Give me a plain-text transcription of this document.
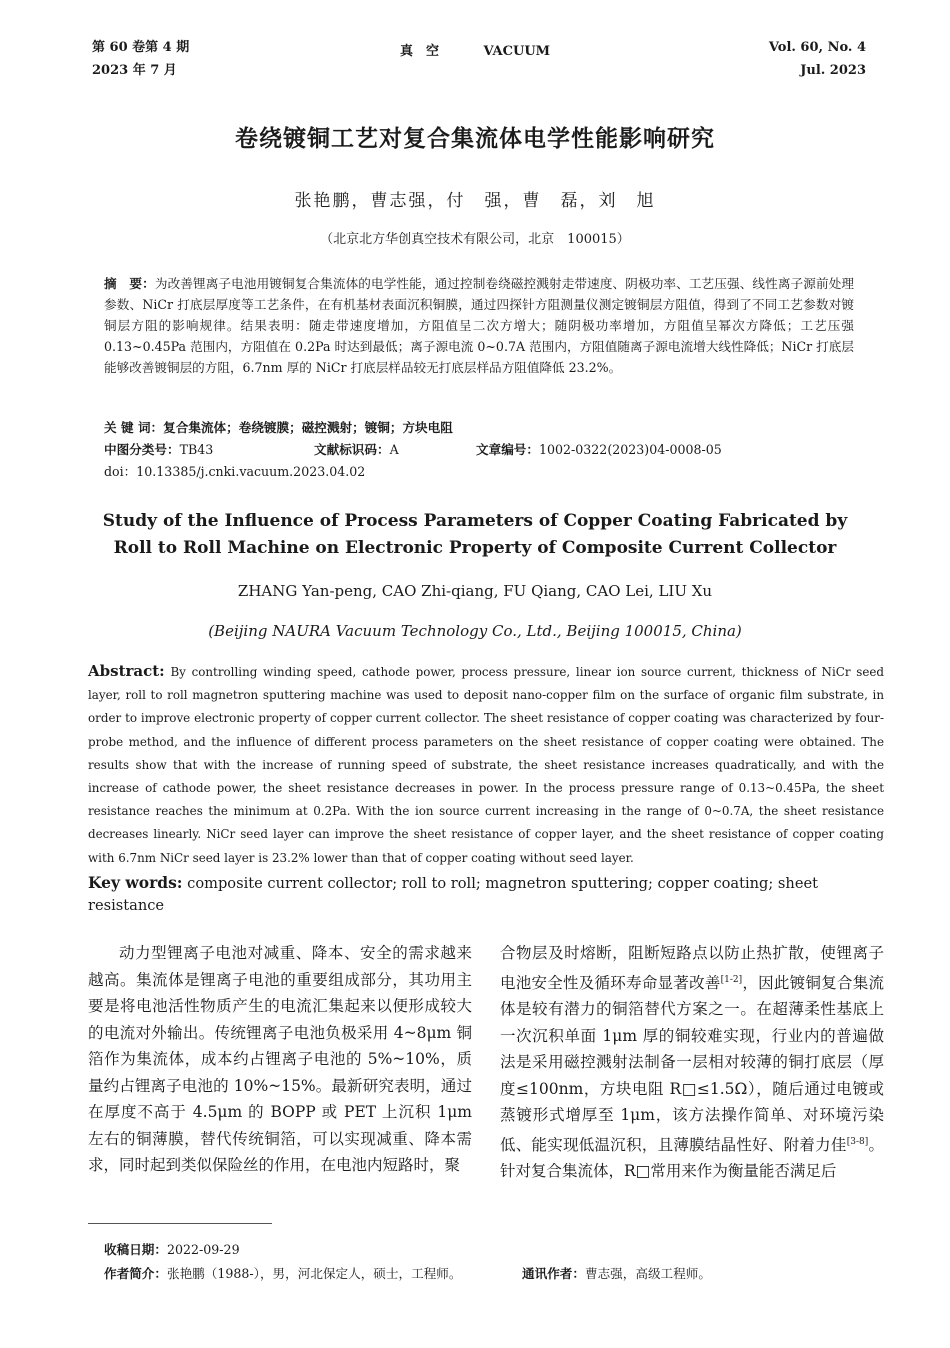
第 60 卷第 4 期
2023 年 7 月
真　空	VACUUM	Vol. 60, No. 4
Jul. 2023
卷绕镀铜工艺对复合集流体电学性能影响研究
张艳鹏，曹志强，付　强，曹　磊，刘　旭
（北京北方华创真空技术有限公司，北京　100015）
摘　要：为改善锂离子电池用镀铜复合集流体的电学性能，通过控制卷绕磁控溅射走带速度、阴极功率、工艺压强、线性离子源前处理参数、NiCr 打底层厚度等工艺条件，在有机基材表面沉积铜膜，通过四探针方阻测量仪测定镀铜层方阻值，得到了不同工艺参数对镀铜层方阻的影响规律。结果表明：随走带速度增加，方阻值呈二次方增大；随阴极功率增加，方阻值呈幂次方降低；工艺压强 0.13~0.45Pa 范围内，方阻值在 0.2Pa 时达到最低；离子源电流 0~0.7A 范围内，方阻值随离子源电流增大线性降低；NiCr 打底层能够改善镀铜层的方阻，6.7nm 厚的 NiCr 打底层样品较无打底层样品方阻值降低 23.2%。
关 键 词：复合集流体；卷绕镀膜；磁控溅射；镀铜；方块电阻
中图分类号：TB43	文献标识码：A	文章编号：1002-0322(2023)04-0008-05
doi：10.13385/j.cnki.vacuum.2023.04.02
Study of the Influence of Process Parameters of Copper Coating Fabricated by
Roll to Roll Machine on Electronic Property of Composite Current Collector
ZHANG Yan-peng, CAO Zhi-qiang, FU Qiang, CAO Lei, LIU Xu
(Beijing NAURA Vacuum Technology Co., Ltd., Beijing 100015, China)
Abstract: By controlling winding speed, cathode power, process pressure, linear ion source current, thickness of NiCr seed layer, roll to roll magnetron sputtering machine was used to deposit nano-copper film on the surface of organic film substrate, in order to improve electronic property of copper current collector. The sheet resistance of copper coating was characterized by four-probe method, and the influence of different process parameters on the sheet resistance of copper coating were obtained. The results show that with the increase of running speed of substrate, the sheet resistance increases quadratically, and with the increase of cathode power, the sheet resistance decreases in power. In the process pressure range of 0.13~0.45Pa, the sheet resistance reaches the minimum at 0.2Pa. With the ion source current increasing in the range of 0~0.7A, the sheet resistance decreases linearly. NiCr seed layer can improve the sheet resistance of copper layer, and the sheet resistance of copper coating with 6.7nm NiCr seed layer is 23.2% lower than that of copper coating without seed layer.
Key words: composite current collector; roll to roll; magnetron sputtering; copper coating; sheet resistance
动力型锂离子电池对减重、降本、安全的需求越来越高。集流体是锂离子电池的重要组成部分，其功用主要是将电池活性物质产生的电流汇集起来以便形成较大的电流对外输出。传统锂离子电池负极采用 4~8μm 铜箔作为集流体，成本约占锂离子电池的 5%~10%，质量约占锂离子电池的 10%~15%。最新研究表明，通过在厚度不高于 4.5μm 的 BOPP 或 PET 上沉积 1μm 左右的铜薄膜，替代传统铜箔，可以实现减重、降本需求，同时起到类似保险丝的作用，在电池内短路时，聚
合物层及时熔断，阻断短路点以防止热扩散，使锂离子电池安全性及循环寿命显著改善[1-2]，因此镀铜复合集流体是较有潜力的铜箔替代方案之一。在超薄柔性基底上一次沉积单面 1μm 厚的铜较难实现，行业内的普遍做法是采用磁控溅射法制备一层相对较薄的铜打底层（厚度≤100nm，方块电阻 R□≤1.5Ω），随后通过电镀或蒸镀形式增厚至 1μm，该方法操作简单、对环境污染低、能实现低温沉积，且薄膜结晶性好、附着力佳[3-8]。针对复合集流体，R□常用来作为衡量能否满足后
收稿日期：2022-09-29
作者简介：张艳鹏（1988-），男，河北保定人，硕士，工程师。	通讯作者：曹志强，高级工程师。
